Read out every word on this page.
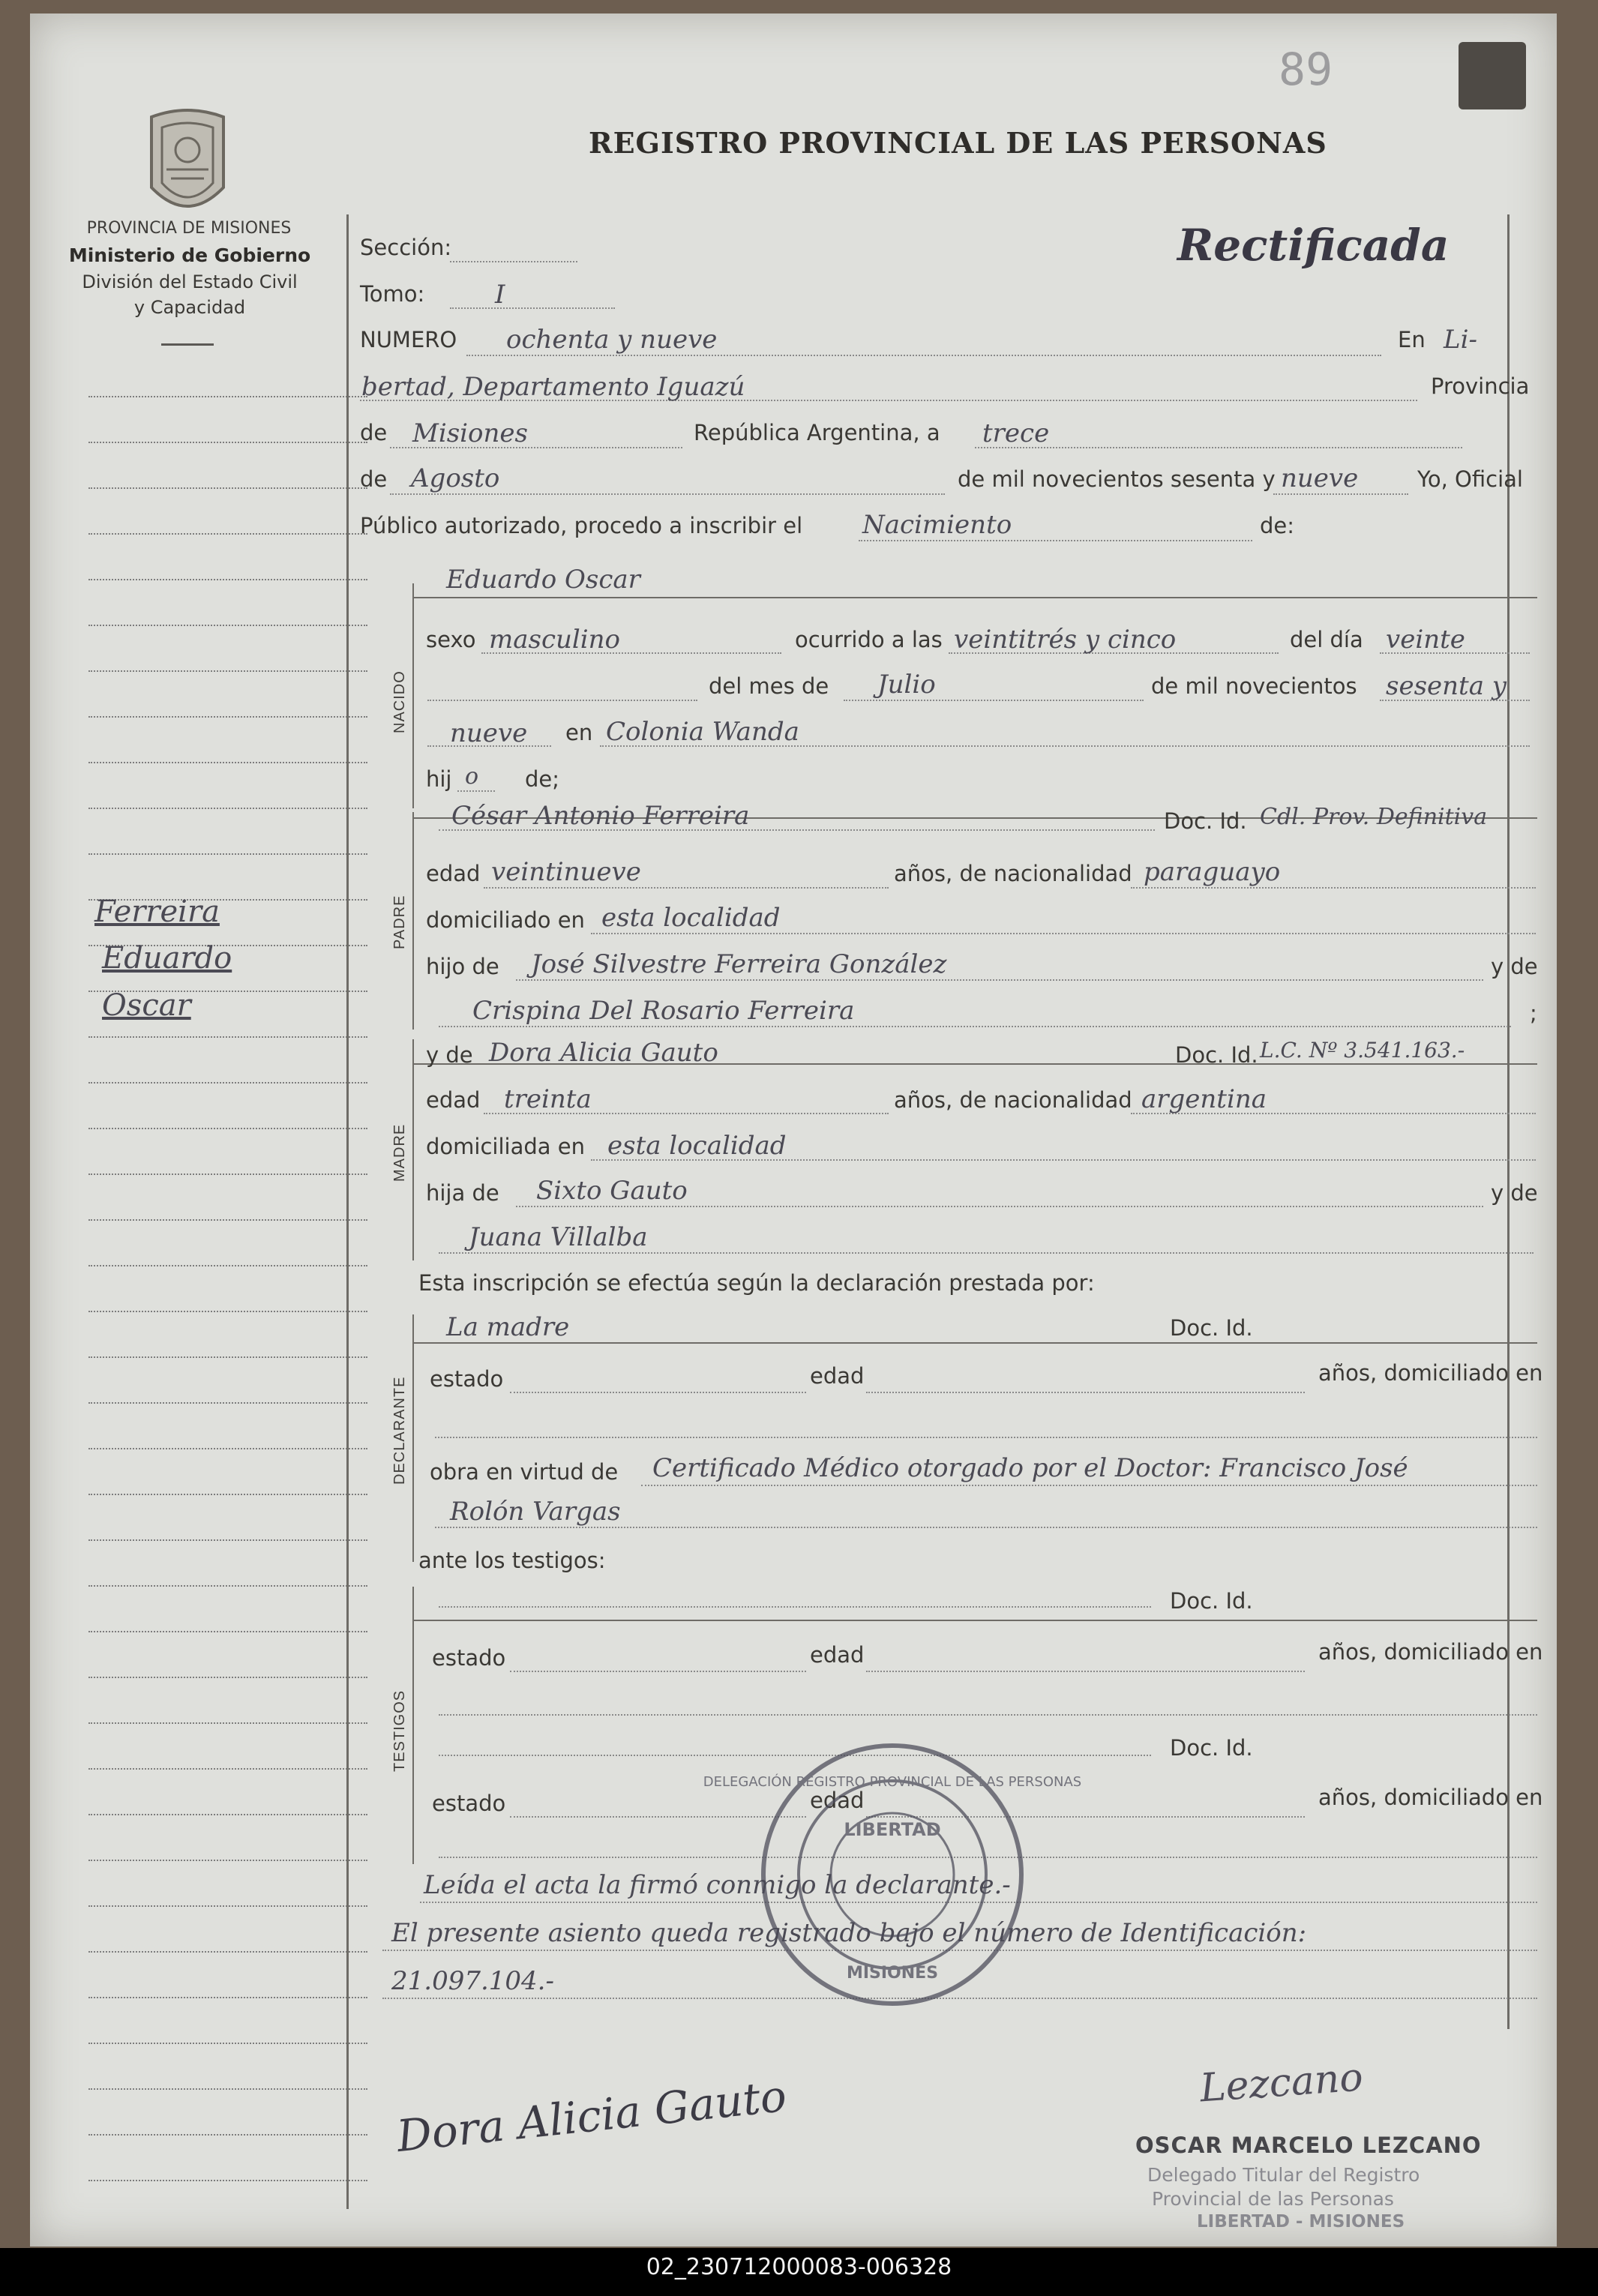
89
PROVINCIA DE MISIONES
Ministerio de Gobierno
División del Estado Civil
y Capacidad
REGISTRO PROVINCIAL DE LAS PERSONAS
Rectificada
Ferreira
Eduardo
Oscar
Sección:
Tomo:	I
NUMERO ochenta y nueve	En Li-
bertad, Departamento Iguazú	Provincia
de Misiones	República Argentina, a trece
de Agosto	de mil novecientos sesenta y nueve	Yo, Oficial
Público autorizado, procedo a inscribir el Nacimiento	de:
NACIDO
Eduardo Oscar
sexo masculino	ocurrido a las veintitrés y cinco	del día veinte
del mes de Julio	de mil novecientos sesenta y
nueve en Colonia Wanda
hij o de;
PADRE
César Antonio Ferreira	Doc. Id. Cdl. Prov. Definitiva
edad veintinueve	años, de nacionalidad paraguayo
domiciliado en esta localidad
hijo de José Silvestre Ferreira González	y de
Crispina Del Rosario Ferreira	;
MADRE
y de Dora Alicia Gauto	Doc. Id. L.C. Nº 3.541.163.-
edad treinta	años, de nacionalidad argentina
domiciliada en esta localidad
hija de Sixto Gauto	y de
Juana Villalba
Esta inscripción se efectúa según la declaración prestada por:
DECLARANTE
La madre	Doc. Id.
estado	edad	años, domiciliado en
obra en virtud de Certificado Médico otorgado por el Doctor: Francisco José
Rolón Vargas
ante los testigos:
TESTIGOS
Doc. Id.
estado	edad	años, domiciliado en
Doc. Id.
estado	edad	años, domiciliado en
Leída el acta la firmó conmigo la declarante.-
El presente asiento queda registrado bajo el número de Identificación:
21.097.104.-
DELEGACIÓN REGISTRO PROVINCIAL DE LAS PERSONAS
LIBERTAD
MISIONES
Dora Alicia Gauto	Lezcano
OSCAR MARCELO LEZCANO
Delegado Titular del Registro
Provincial de las Personas
LIBERTAD - MISIONES
02_230712000083-006328
